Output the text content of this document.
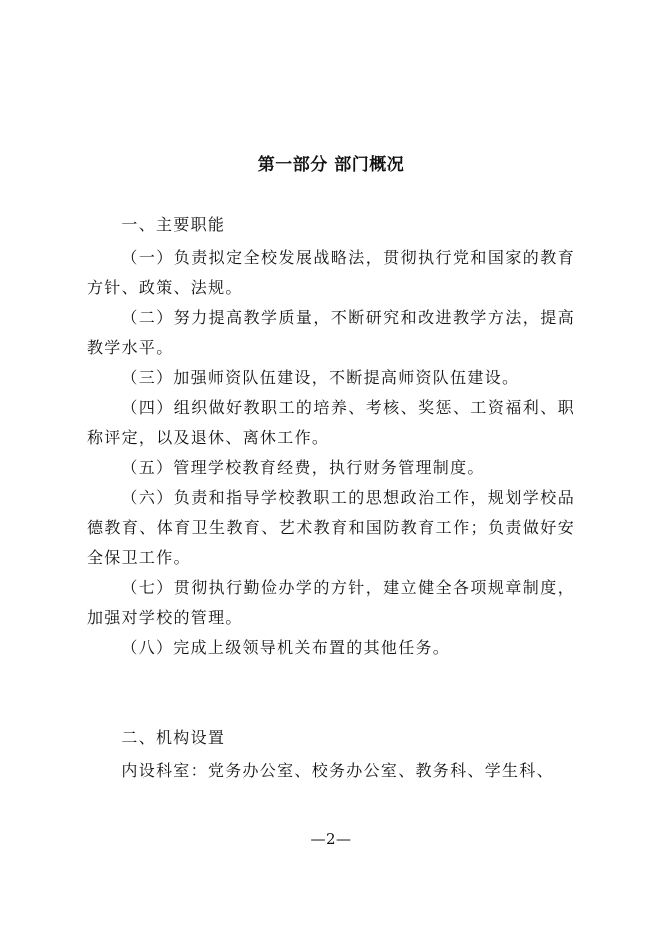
第一部分 部门概况

一、主要职能

（一）负责拟定全校发展战略法，贯彻执行党和国家的教育方针、政策、法规。

（二）努力提高教学质量，不断研究和改进教学方法，提高教学水平。

（三）加强师资队伍建设，不断提高师资队伍建设。

（四）组织做好教职工的培养、考核、奖惩、工资福利、职称评定，以及退休、离休工作。

（五）管理学校教育经费，执行财务管理制度。

（六）负责和指导学校教职工的思想政治工作，规划学校品德教育、体育卫生教育、艺术教育和国防教育工作；负责做好安全保卫工作。

（七）贯彻执行勤俭办学的方针，建立健全各项规章制度，加强对学校的管理。

（八）完成上级领导机关布置的其他任务。

二、机构设置

内设科室：党务办公室、校务办公室、教务科、学生科、

—2—
